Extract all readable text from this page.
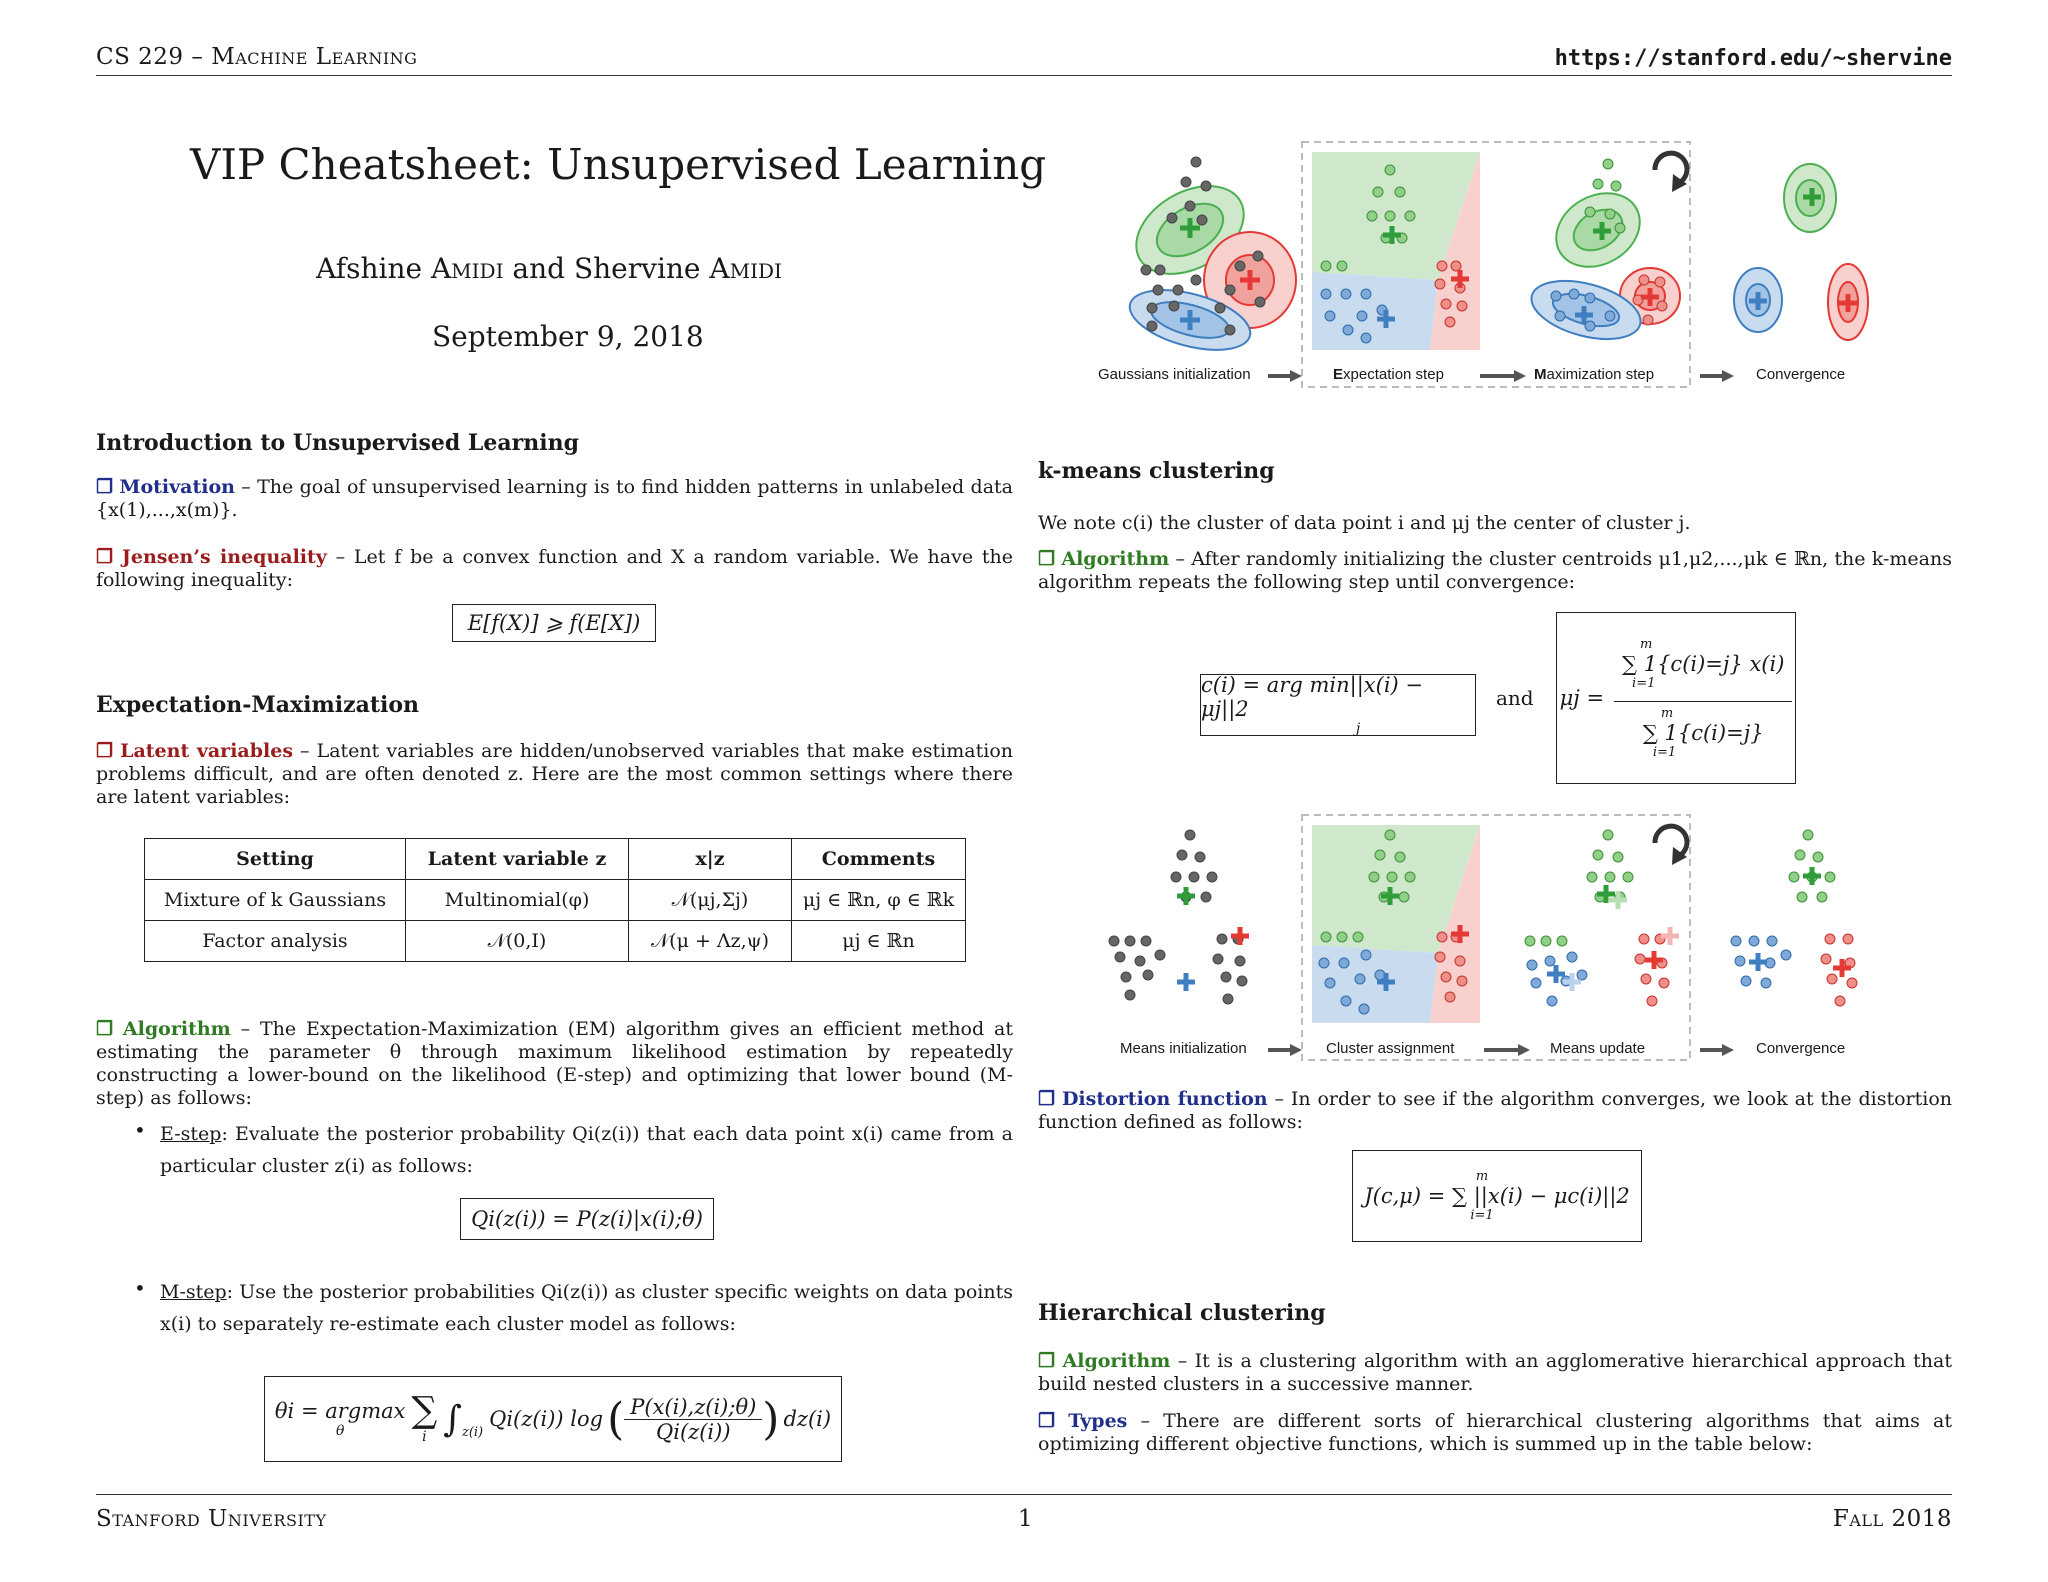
CS 229 – Machine Learning	https://stanford.edu/~shervine
VIP Cheatsheet: Unsupervised Learning
Afshine Amidi and Shervine Amidi
September 9, 2018
Gaussians initialization	Expectation step	Maximization step	Convergence
Introduction to Unsupervised Learning
❐ Motivation – The goal of unsupervised learning is to find hidden patterns in unlabeled data {x(1),...,x(m)}.
❐ Jensen’s inequality – Let f be a convex function and X a random variable. We have the following inequality:
E[f(X)] ⩾ f(E[X])
Expectation-Maximization
❐ Latent variables – Latent variables are hidden/unobserved variables that make estimation problems difficult, and are often denoted z. Here are the most common settings where there are latent variables:
Setting	Latent variable z	x|z	Comments
Mixture of k Gaussians	Multinomial(φ)	𝒩(μj,Σj)	μj ∈ ℝn, φ ∈ ℝk
Factor analysis	𝒩(0,I)	𝒩(μ + Λz,ψ)	μj ∈ ℝn
❐ Algorithm – The Expectation-Maximization (EM) algorithm gives an efficient method at estimating the parameter θ through maximum likelihood estimation by repeatedly constructing a lower-bound on the likelihood (E-step) and optimizing that lower bound (M-step) as follows:
• E-step: Evaluate the posterior probability Qi(z(i)) that each data point x(i) came from a particular cluster z(i) as follows:
Qi(z(i)) = P(z(i)|x(i);θ)
• M-step: Use the posterior probabilities Qi(z(i)) as cluster specific weights on data points x(i) to separately re-estimate each cluster model as follows:
θi = argmax
θ ∑
i ∫ z(i)
Qi(z(i)) log ( $\frac{P(x(i),z(i);\theta)}{Qi(z(i))}$ ) dz(i)
k-means clustering
We note c(i) the cluster of data point i and μj the center of cluster j.
❐ Algorithm – After randomly initializing the cluster centroids μ1,μ2,...,μk ∈ ℝn, the k-means algorithm repeats the following step until convergence:
c(i) = arg min||x(i) − μj||2
j
and μj = m
∑ 1{c(i)=j} x(i)
i=1
m
∑ 1{c(i)=j}
i=1
Means initialization	Cluster assignment	Means update	Convergence
❐ Distortion function – In order to see if the algorithm converges, we look at the distortion function defined as follows:
m
J(c,μ) = ∑ ||x(i) − μc(i)||2
i=1
Hierarchical clustering
❐ Algorithm – It is a clustering algorithm with an agglomerative hierarchical approach that build nested clusters in a successive manner.
❐ Types – There are different sorts of hierarchical clustering algorithms that aims at optimizing different objective functions, which is summed up in the table below:
Stanford University	1	Fall 2018
